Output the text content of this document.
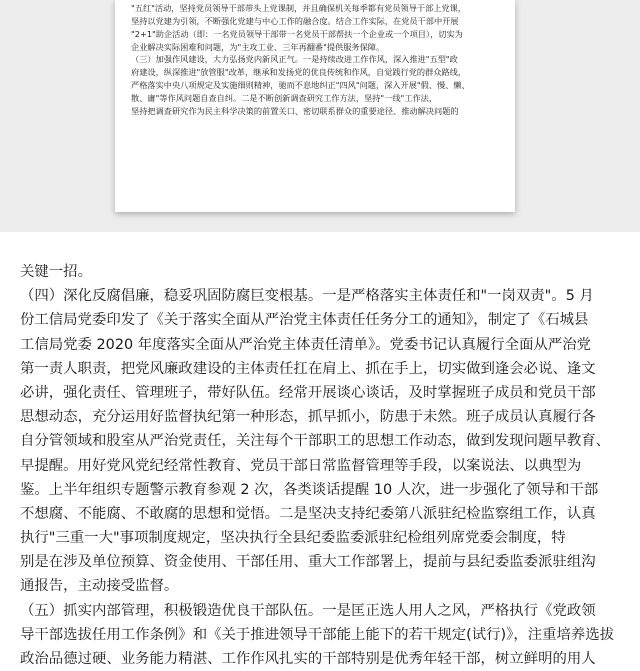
"五红"活动，坚持党员领导干部带头上党课制，并且确保机关每季都有党员领导干部上党课，
坚持以党建为引领，不断强化党建与中心工作的融合度。结合工作实际，在党员干部中开展
"2+1"助企活动（即：一名党员领导干部带一名党员干部帮扶一个企业或一个项目），切实为
企业解决实际困难和问题，为"主攻工业、三年再翻番"提供服务保障。
（三）加强作风建设，大力弘扬党内新风正气。一是持续改进工作作风，深入推进"五型"政
府建设，纵深推进"放管服"改革，继承和发扬党的优良传统和作风，自觉践行党的群众路线，
严格落实中央八项规定及实施细则精神，驰而不息地纠正"四风"问题，深入开展"假、慢、懒、
散、庸"等作风问题自查自纠。二是不断创新调查研究工作方法，坚持"一线"工作法，
坚持把调查研究作为民主科学决策的前置关口、密切联系群众的重要途径、推动解决问题的
关键一招。
（四）深化反腐倡廉，稳妥巩固防腐巨变根基。一是严格落实主体责任和"一岗双责"。5 月
份工信局党委印发了《关于落实全面从严治党主体责任任务分工的通知》，制定了《石城县
工信局党委 2020 年度落实全面从严治党主体责任清单》。党委书记认真履行全面从严治党
第一责人职责，把党风廉政建设的主体责任扛在肩上、抓在手上，切实做到逢会必说、逢文
必讲，强化责任、管理班子，带好队伍。经常开展谈心谈话，及时掌握班子成员和党员干部
思想动态，充分运用好监督执纪第一种形态，抓早抓小，防患于未然。班子成员认真履行各
自分管领域和股室从严治党责任，关注每个干部职工的思想工作动态，做到发现问题早教育、
早提醒。用好党风党纪经常性教育、党员干部日常监督管理等手段，以案说法、以典型为
鉴。上半年组织专题警示教育参观 2 次，各类谈话提醒 10 人次，进一步强化了领导和干部
不想腐、不能腐、不敢腐的思想和觉悟。二是坚决支持纪委第八派驻纪检监察组工作，认真
执行"三重一大"事项制度规定，坚决执行全县纪委监委派驻纪检组列席党委会制度，特
别是在涉及单位预算、资金使用、干部任用、重大工作部署上，提前与县纪委监委派驻组沟
通报告，主动接受监督。
（五）抓实内部管理，积极锻造优良干部队伍。一是匡正选人用人之风，严格执行《党政领
导干部选拔任用工作条例》和《关于推进领导干部能上能下的若干规定(试行)》，注重培养选拔
政治品德过硬、业务能力精湛、工作作风扎实的干部特别是优秀年轻干部，树立鲜明的用人
